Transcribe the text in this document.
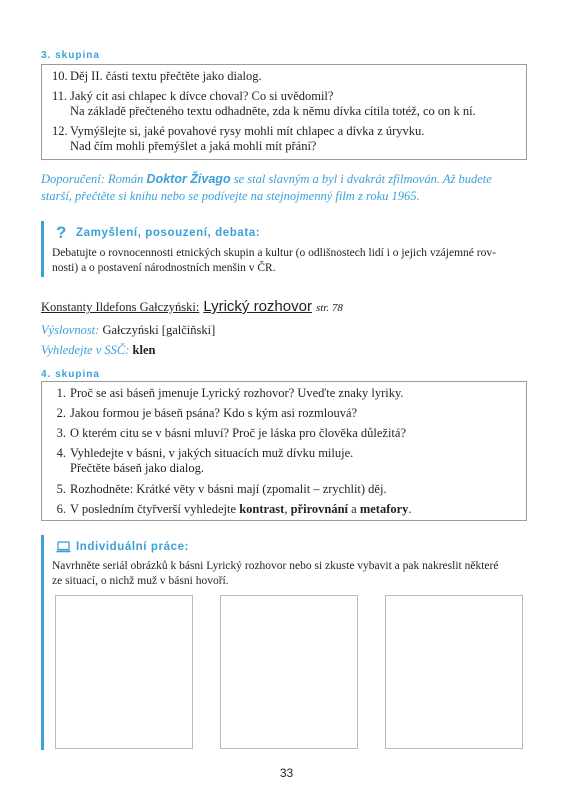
3. skupina
10. Děj II. části textu přečtěte jako dialog.
11. Jaký cit asi chlapec k dívce choval? Co si uvědomil?
Na základě přečteného textu odhadněte, zda k němu dívka cítila totéž, co on k ní.
12. Vymýšlejte si, jaké povahové rysy mohli mít chlapec a dívka z úryvku.
Nad čím mohli přemýšlet a jaká mohli mít přání?
Doporučení: Román Doktor Živago se stal slavným a byl i dvakrát zfilmován. Až budete
starší, přečtěte si knihu nebo se podívejte na stejnojmenný film z roku 1965.
? Zamyšlení, posouzení, debata:
Debatujte o rovnocennosti etnických skupin a kultur (o odlišnostech lidí i o jejich vzájemné rov-
nosti) a o postavení národnostních menšin v ČR.
Konstanty Ildefons Gałczyński: Lyrický rozhovor str. 78
Výslovnost: Gałczyński [galčiňski]
Vyhledejte v SSČ: klen
4. skupina
1. Proč se asi báseň jmenuje Lyrický rozhovor? Uveďte znaky lyriky.
2. Jakou formou je báseň psána? Kdo s kým asi rozmlouvá?
3. O kterém citu se v básni mluví? Proč je láska pro člověka důležitá?
4. Vyhledejte v básni, v jakých situacích muž dívku miluje.
Přečtěte báseň jako dialog.
5. Rozhodněte: Krátké věty v básni mají (zpomalit – zrychlit) děj.
6. V posledním čtyřverší vyhledejte kontrast, přirovnání a metafory.
Individuální práce:
Navrhněte seriál obrázků k básni Lyrický rozhovor nebo si zkuste vybavit a pak nakreslit některé
ze situací, o nichž muž v básni hovoří.
33
